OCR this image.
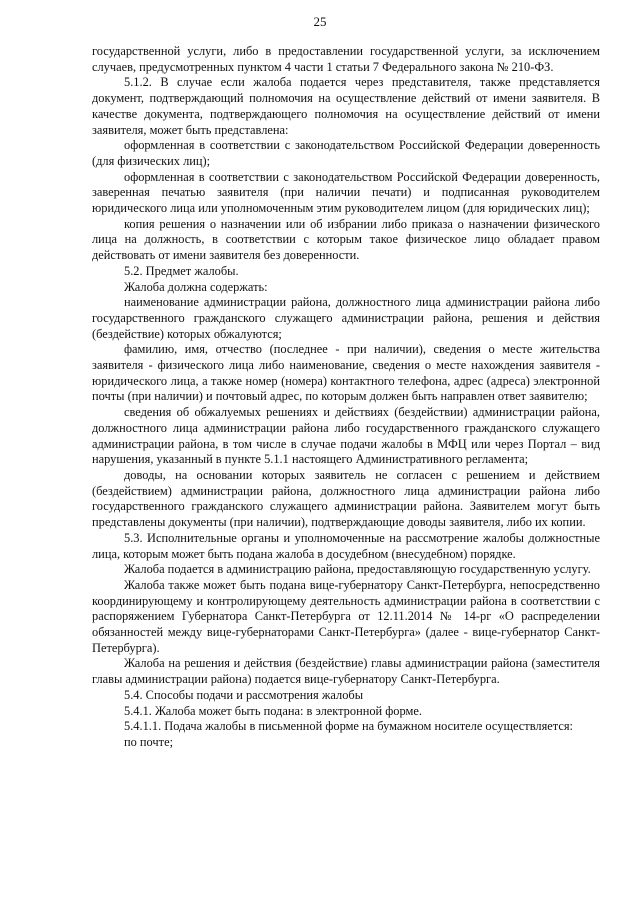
25

государственной услуги, либо в предоставлении государственной услуги, за исключением случаев, предусмотренных пунктом 4 части 1 статьи 7 Федерального закона № 210-ФЗ.

5.1.2. В случае если жалоба подается через представителя, также представляется документ, подтверждающий полномочия на осуществление действий от имени заявителя. В качестве документа, подтверждающего полномочия на осуществление действий от имени заявителя, может быть представлена:

оформленная в соответствии с законодательством Российской Федерации доверенность (для физических лиц);

оформленная в соответствии с законодательством Российской Федерации доверенность, заверенная печатью заявителя (при наличии печати) и подписанная руководителем юридического лица или уполномоченным этим руководителем лицом (для юридических лиц);

копия решения о назначении или об избрании либо приказа о назначении физического лица на должность, в соответствии с которым такое физическое лицо обладает правом действовать от имени заявителя без доверенности.

5.2. Предмет жалобы.

Жалоба должна содержать:

наименование администрации района, должностного лица администрации района либо государственного гражданского служащего администрации района, решения и действия (бездействие) которых обжалуются;

фамилию, имя, отчество (последнее - при наличии), сведения о месте жительства заявителя - физического лица либо наименование, сведения о месте нахождения заявителя - юридического лица, а также номер (номера) контактного телефона, адрес (адреса) электронной почты (при наличии) и почтовый адрес, по которым должен быть направлен ответ заявителю;

сведения об обжалуемых решениях и действиях (бездействии) администрации района, должностного лица администрации района либо государственного гражданского служащего администрации района, в том числе в случае подачи жалобы в МФЦ или через Портал – вид нарушения, указанный в пункте 5.1.1 настоящего Административного регламента;

доводы, на основании которых заявитель не согласен с решением и действием (бездействием) администрации района, должностного лица администрации района либо государственного гражданского служащего администрации района. Заявителем могут быть представлены документы (при наличии), подтверждающие доводы заявителя, либо их копии.

5.3. Исполнительные органы и уполномоченные на рассмотрение жалобы должностные лица, которым может быть подана жалоба в досудебном (внесудебном) порядке.

Жалоба подается в администрацию района, предоставляющую государственную услугу.

Жалоба также может быть подана вице-губернатору Санкт-Петербурга, непосредственно координирующему и контролирующему деятельность администрации района в соответствии с распоряжением Губернатора Санкт-Петербурга от 12.11.2014 № 14-рг «О распределении обязанностей между вице-губернаторами Санкт-Петербурга» (далее - вице-губернатор Санкт-Петербурга).

Жалоба на решения и действия (бездействие) главы администрации района (заместителя главы администрации района) подается вице-губернатору Санкт-Петербурга.

5.4. Способы подачи и рассмотрения жалобы

5.4.1. Жалоба может быть подана: в электронной форме.

5.4.1.1. Подача жалобы в письменной форме на бумажном носителе осуществляется:

по почте;
